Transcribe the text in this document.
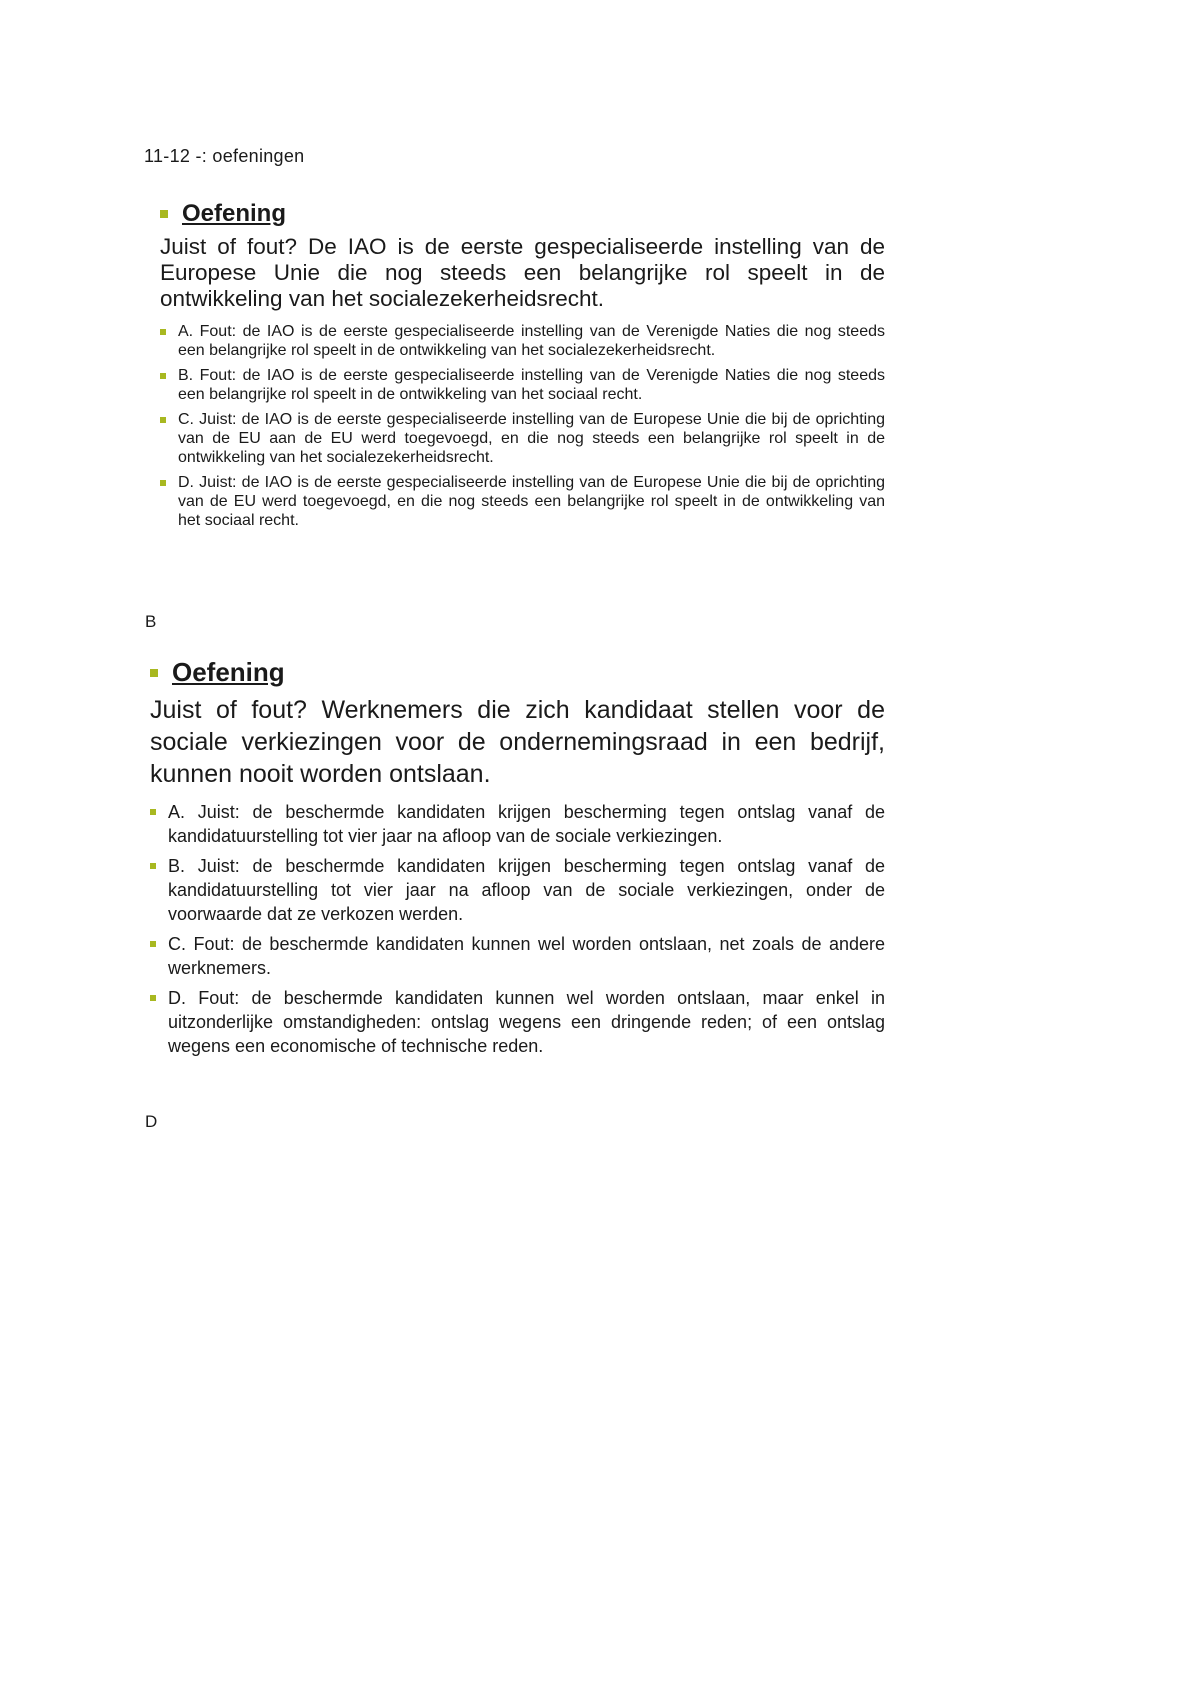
11-12 -: oefeningen
Oefening

Juist of fout? De IAO is de eerste gespecialiseerde instelling van de Europese Unie die nog steeds een belangrijke rol speelt in de ontwikkeling van het socialezekerheidsrecht.

A. Fout: de IAO is de eerste gespecialiseerde instelling van de Verenigde Naties die nog steeds een belangrijke rol speelt in de ontwikkeling van het socialezekerheidsrecht.
B. Fout: de IAO is de eerste gespecialiseerde instelling van de Verenigde Naties die nog steeds een belangrijke rol speelt in de ontwikkeling van het sociaal recht.
C. Juist: de IAO is de eerste gespecialiseerde instelling van de Europese Unie die bij de oprichting van de EU aan de EU werd toegevoegd, en die nog steeds een belangrijke rol speelt in de ontwikkeling van het socialezekerheidsrecht.
D. Juist: de IAO is de eerste gespecialiseerde instelling van de Europese Unie die bij de oprichting van de EU werd toegevoegd, en die nog steeds een belangrijke rol speelt in de ontwikkeling van het sociaal recht.
B
Oefening

Juist of fout? Werknemers die zich kandidaat stellen voor de sociale verkiezingen voor de ondernemingsraad in een bedrijf, kunnen nooit worden ontslaan.

A. Juist: de beschermde kandidaten krijgen bescherming tegen ontslag vanaf de kandidatuurstelling tot vier jaar na afloop van de sociale verkiezingen.
B. Juist: de beschermde kandidaten krijgen bescherming tegen ontslag vanaf de kandidatuurstelling tot vier jaar na afloop van de sociale verkiezingen, onder de voorwaarde dat ze verkozen werden.
C. Fout: de beschermde kandidaten kunnen wel worden ontslaan, net zoals de andere werknemers.
D. Fout: de beschermde kandidaten kunnen wel worden ontslaan, maar enkel in uitzonderlijke omstandigheden: ontslag wegens een dringende reden; of een ontslag wegens een economische of technische reden.
D
